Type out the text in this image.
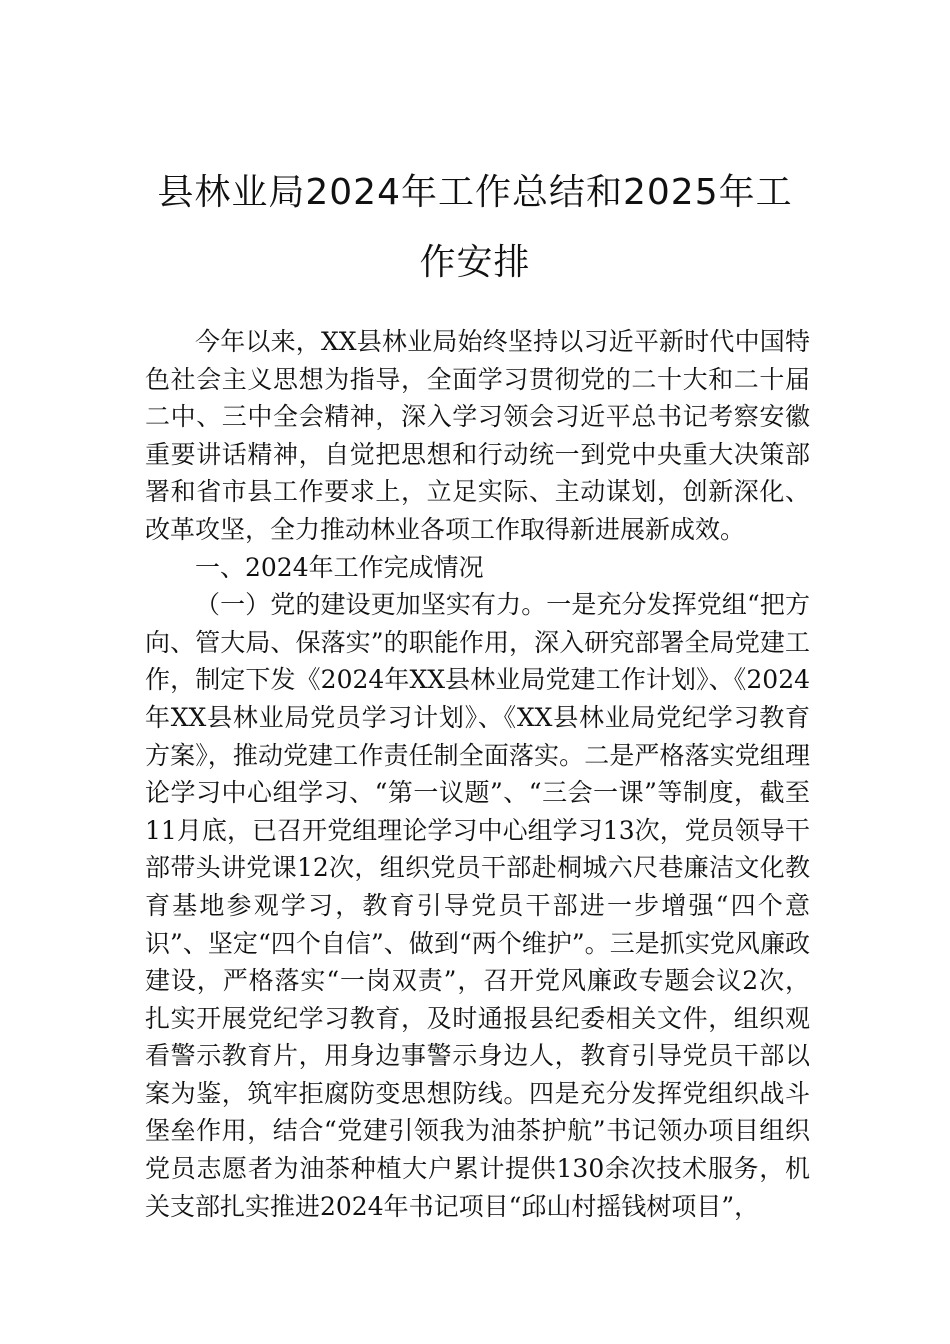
县林业局2024年工作总结和2025年工作安排

今年以来，XX县林业局始终坚持以习近平新时代中国特色社会主义思想为指导，全面学习贯彻党的二十大和二十届二中、三中全会精神，深入学习领会习近平总书记考察安徽重要讲话精神，自觉把思想和行动统一到党中央重大决策部署和省市县工作要求上，立足实际、主动谋划，创新深化、改革攻坚，全力推动林业各项工作取得新进展新成效。

一、2024年工作完成情况

（一）党的建设更加坚实有力。一是充分发挥党组“把方向、管大局、保落实”的职能作用，深入研究部署全局党建工作，制定下发《2024年XX县林业局党建工作计划》、《2024年XX县林业局党员学习计划》、《XX县林业局党纪学习教育方案》，推动党建工作责任制全面落实。二是严格落实党组理论学习中心组学习、“第一议题”、“三会一课”等制度，截至11月底，已召开党组理论学习中心组学习13次，党员领导干部带头讲党课12次，组织党员干部赴桐城六尺巷廉洁文化教育基地参观学习，教育引导党员干部进一步增强“四个意识”、坚定“四个自信”、做到“两个维护”。三是抓实党风廉政建设，严格落实“一岗双责”，召开党风廉政专题会议2次，扎实开展党纪学习教育，及时通报县纪委相关文件，组织观看警示教育片，用身边事警示身边人，教育引导党员干部以案为鉴，筑牢拒腐防变思想防线。四是充分发挥党组织战斗堡垒作用，结合“党建引领我为油茶护航”书记领办项目组织党员志愿者为油茶种植大户累计提供130余次技术服务，机关支部扎实推进2024年书记项目“邱山村摇钱树项目”，
